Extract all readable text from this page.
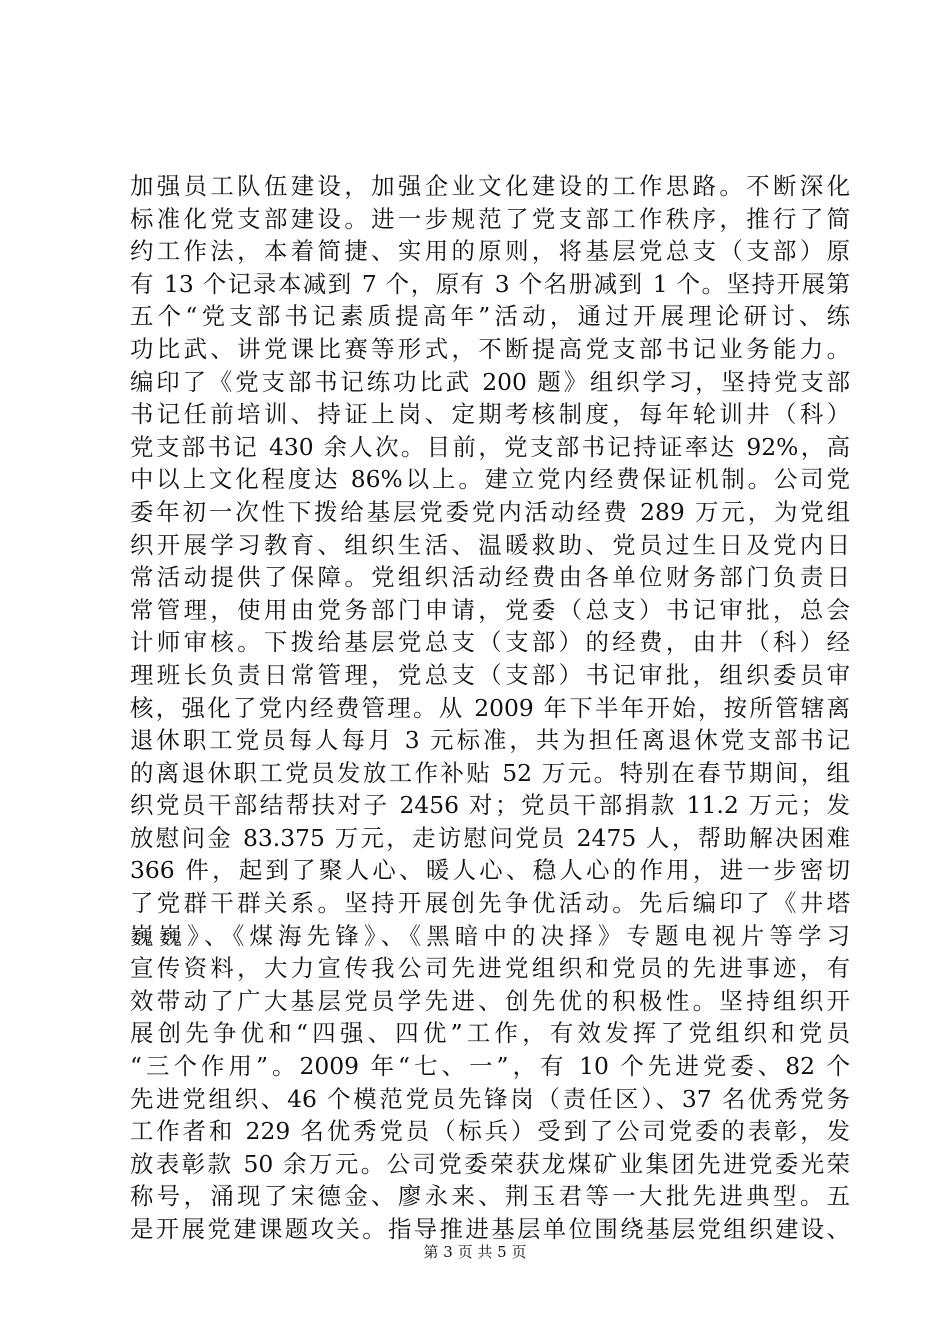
加强员工队伍建设，加强企业文化建设的工作思路。不断深化
标准化党支部建设。进一步规范了党支部工作秩序，推行了简
约工作法，本着简捷、实用的原则，将基层党总支（支部）原
有 13 个记录本减到 7 个，原有 3 个名册减到 1 个。坚持开展第
五个“党支部书记素质提高年”活动，通过开展理论研讨、练
功比武、讲党课比赛等形式，不断提高党支部书记业务能力。
编印了《党支部书记练功比武 200 题》组织学习，坚持党支部
书记任前培训、持证上岗、定期考核制度，每年轮训井（科）
党支部书记 430 余人次。目前，党支部书记持证率达 92%，高
中以上文化程度达 86%以上。建立党内经费保证机制。公司党
委年初一次性下拨给基层党委党内活动经费 289 万元，为党组
织开展学习教育、组织生活、温暖救助、党员过生日及党内日
常活动提供了保障。党组织活动经费由各单位财务部门负责日
常管理，使用由党务部门申请，党委（总支）书记审批，总会
计师审核。下拨给基层党总支（支部）的经费，由井（科）经
理班长负责日常管理，党总支（支部）书记审批，组织委员审
核，强化了党内经费管理。从 2009 年下半年开始，按所管辖离
退休职工党员每人每月 3 元标准，共为担任离退休党支部书记
的离退休职工党员发放工作补贴 52 万元。特别在春节期间，组
织党员干部结帮扶对子 2456 对；党员干部捐款 11.2 万元；发
放慰问金 83.375 万元，走访慰问党员 2475 人，帮助解决困难
366 件，起到了聚人心、暖人心、稳人心的作用，进一步密切
了党群干群关系。坚持开展创先争优活动。先后编印了《井塔
巍巍》、《煤海先锋》、《黑暗中的决择》专题电视片等学习
宣传资料，大力宣传我公司先进党组织和党员的先进事迹，有
效带动了广大基层党员学先进、创先优的积极性。坚持组织开
展创先争优和“四强、四优”工作，有效发挥了党组织和党员
“三个作用”。2009 年“七、一”，有 10 个先进党委、82 个
先进党组织、46 个模范党员先锋岗（责任区）、37 名优秀党务
工作者和 229 名优秀党员（标兵）受到了公司党委的表彰，发
放表彰款 50 余万元。公司党委荣获龙煤矿业集团先进党委光荣
称号，涌现了宋德金、廖永来、荆玉君等一大批先进典型。五
是开展党建课题攻关。指导推进基层单位围绕基层党组织建设、
第 3 页 共 5 页
